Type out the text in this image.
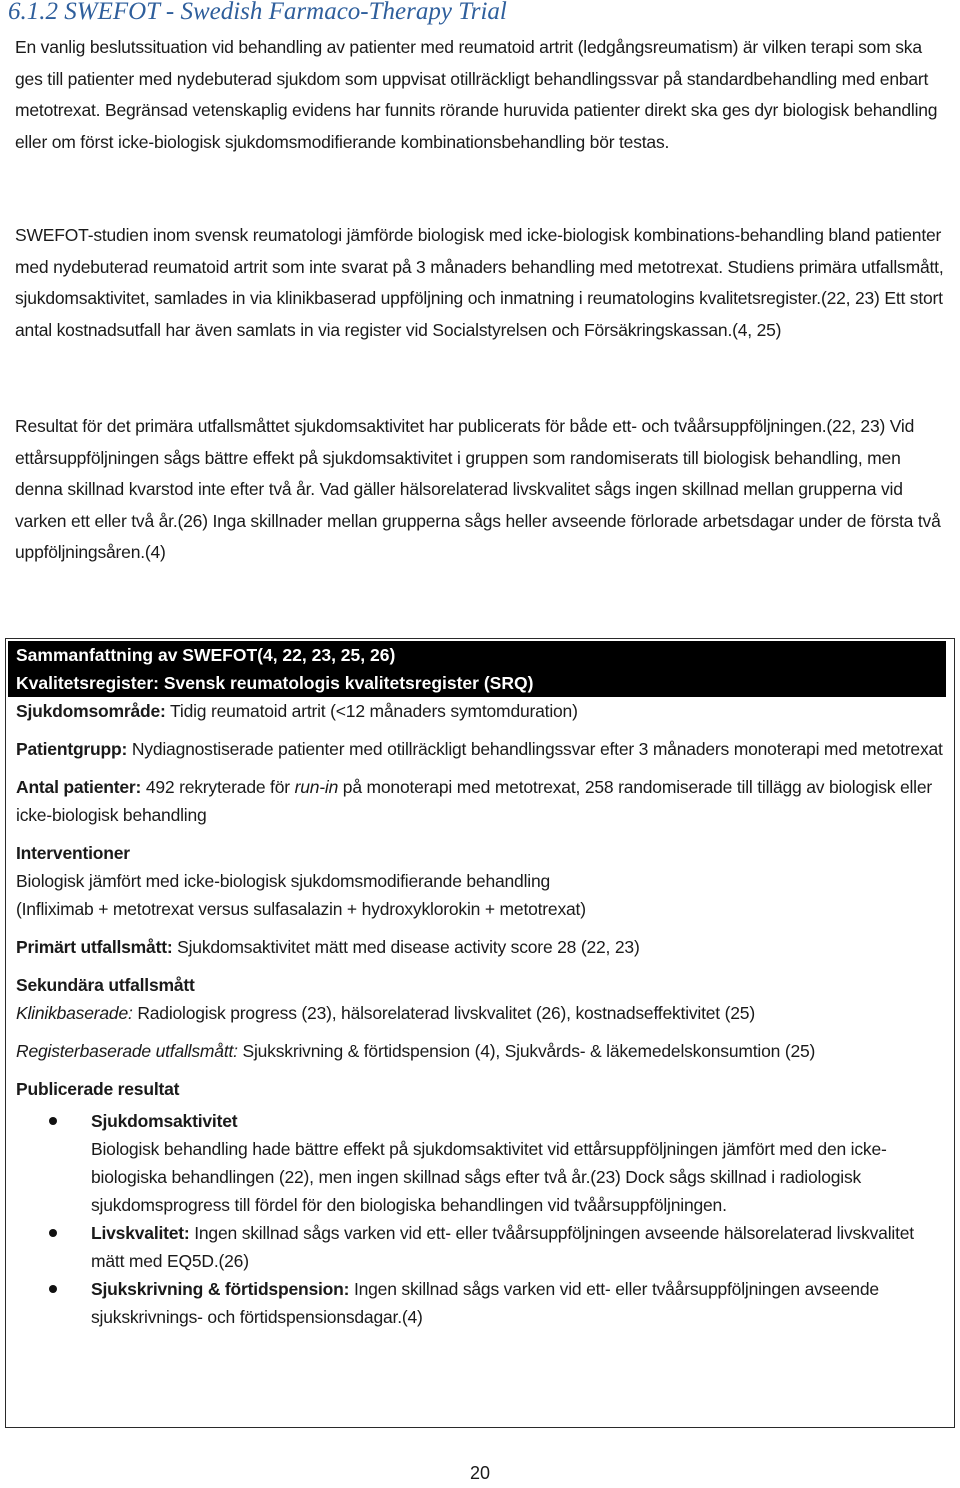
6.1.2 SWEFOT - Swedish Farmaco-Therapy Trial

En vanlig beslutssituation vid behandling av patienter med reumatoid artrit (ledgångsreumatism) är vilken terapi som ska ges till patienter med nydebuterad sjukdom som uppvisat otillräckligt behandlingssvar på standardbehandling med enbart metotrexat. Begränsad vetenskaplig evidens har funnits rörande huruvida patienter direkt ska ges dyr biologisk behandling eller om först icke-biologisk sjukdomsmodifierande kombinationsbehandling bör testas.

SWEFOT-studien inom svensk reumatologi jämförde biologisk med icke-biologisk kombinations-behandling bland patienter med nydebuterad reumatoid artrit som inte svarat på 3 månaders behandling med metotrexat. Studiens primära utfallsmått, sjukdomsaktivitet, samlades in via klinikbaserad uppföljning och inmatning i reumatologins kvalitetsregister.(22, 23) Ett stort antal kostnadsutfall har även samlats in via register vid Socialstyrelsen och Försäkringskassan.(4, 25)

Resultat för det primära utfallsmåttet sjukdomsaktivitet har publicerats för både ett- och tvåårsuppföljningen.(22, 23) Vid ettårsuppföljningen sågs bättre effekt på sjukdomsaktivitet i gruppen som randomiserats till biologisk behandling, men denna skillnad kvarstod inte efter två år. Vad gäller hälsorelaterad livskvalitet sågs ingen skillnad mellan grupperna vid varken ett eller två år.(26) Inga skillnader mellan grupperna sågs heller avseende förlorade arbetsdagar under de första två uppföljningsåren.(4)

Sammanfattning av SWEFOT(4, 22, 23, 25, 26)
Kvalitetsregister: Svensk reumatologis kvalitetsregister (SRQ)

Sjukdomsområde: Tidig reumatoid artrit (<12 månaders symtomduration)

Patientgrupp: Nydiagnostiserade patienter med otillräckligt behandlingssvar efter 3 månaders monoterapi med metotrexat

Antal patienter: 492 rekryterade för run-in på monoterapi med metotrexat, 258 randomiserade till tillägg av biologisk eller icke-biologisk behandling

Interventioner

Biologisk jämfört med icke-biologisk sjukdomsmodifierande behandling

(Infliximab + metotrexat versus sulfasalazin + hydroxyklorokin + metotrexat)

Primärt utfallsmått: Sjukdomsaktivitet mätt med disease activity score 28 (22, 23)

Sekundära utfallsmått

Klinikbaserade: Radiologisk progress (23), hälsorelaterad livskvalitet (26), kostnadseffektivitet (25)

Registerbaserade utfallsmått: Sjukskrivning & förtidspension (4), Sjukvårds- & läkemedelskonsumtion (25)

Publicerade resultat

Sjukdomsaktivitet
Biologisk behandling hade bättre effekt på sjukdomsaktivitet vid ettårsuppföljningen jämfört med den icke-biologiska behandlingen (22), men ingen skillnad sågs efter två år.(23) Dock sågs skillnad i radiologisk sjukdomsprogress till fördel för den biologiska behandlingen vid tvåårsuppföljningen.
Livskvalitet: Ingen skillnad sågs varken vid ett- eller tvåårsuppföljningen avseende hälsorelaterad livskvalitet mätt med EQ5D.(26)
Sjukskrivning & förtidspension: Ingen skillnad sågs varken vid ett- eller tvåårsuppföljningen avseende sjukskrivnings- och förtidspensionsdagar.(4)
20
